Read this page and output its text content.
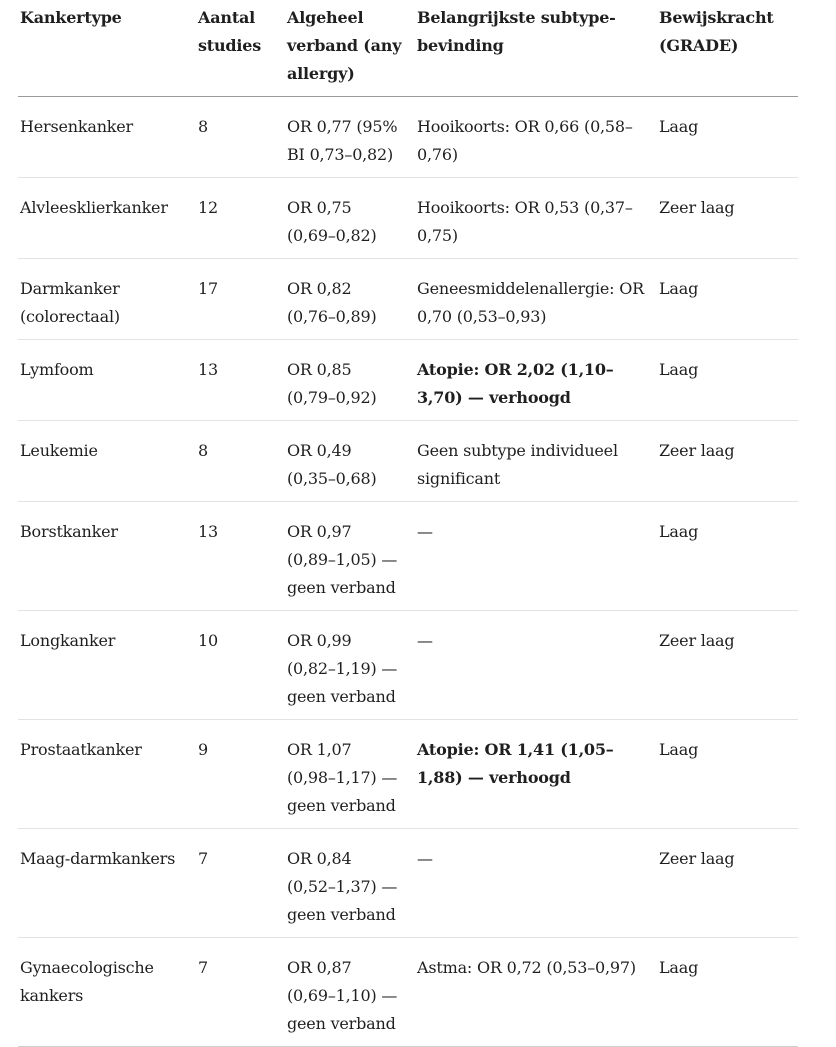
Kankertype	Aantal studies	Algeheel verband (any allergy)	Belangrijkste subtype-bevinding	Bewijskracht (GRADE)
Hersenkanker	8	OR 0,77 (95% BI 0,73–0,82)	Hooikoorts: OR 0,66 (0,58–0,76)	Laag
Alvleesklierkanker	12	OR 0,75 (0,69–0,82)	Hooikoorts: OR 0,53 (0,37–0,75)	Zeer laag
Darmkanker (colorectaal)	17	OR 0,82 (0,76–0,89)	Geneesmiddelenallergie: OR 0,70 (0,53–0,93)	Laag
Lymfoom	13	OR 0,85 (0,79–0,92)	Atopie: OR 2,02 (1,10–3,70) — verhoogd	Laag
Leukemie	8	OR 0,49 (0,35–0,68)	Geen subtype individueel significant	Zeer laag
Borstkanker	13	OR 0,97 (0,89–1,05) — geen verband	—	Laag
Longkanker	10	OR 0,99 (0,82–1,19) — geen verband	—	Zeer laag
Prostaatkanker	9	OR 1,07 (0,98–1,17) — geen verband	Atopie: OR 1,41 (1,05–1,88) — verhoogd	Laag
Maag-darmkankers	7	OR 0,84 (0,52–1,37) — geen verband	—	Zeer laag
Gynaecologische kankers	7	OR 0,87 (0,69–1,10) — geen verband	Astma: OR 0,72 (0,53–0,97)	Laag
